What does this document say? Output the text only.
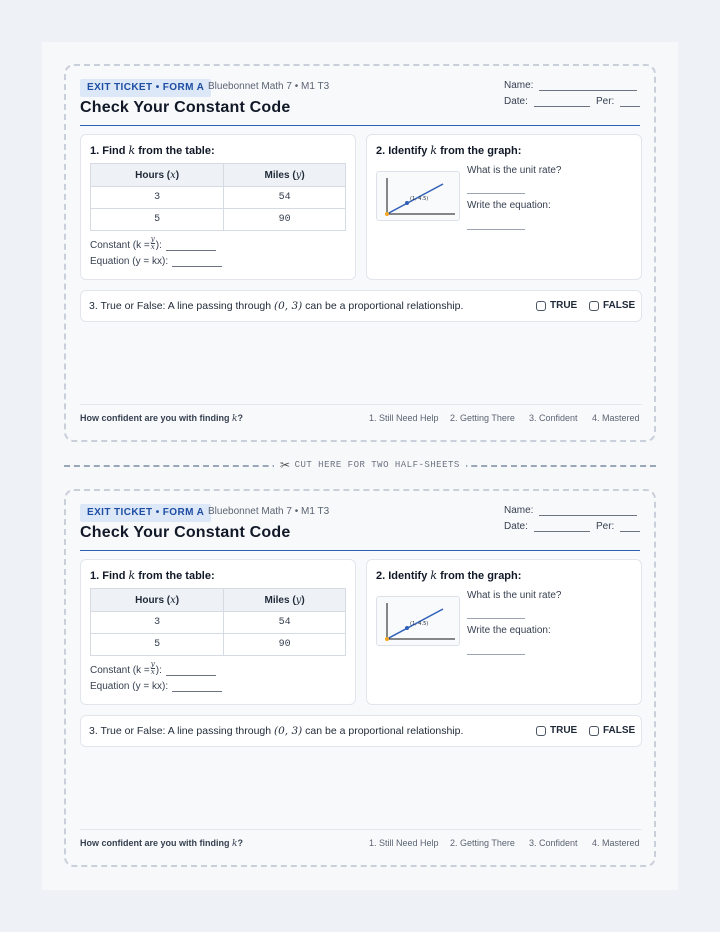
EXIT TICKET • FORM A Bluebonnet Math 7 • M1 T3
Check Your Constant Code
Name:
Date:	Per:
1. Find k from the table:
Hours (x)	Miles (y)
3	54
5	90
Constant ($k = \frac{y}{x}$ ):
Equation (y = kx):
2. Identify k from the graph:
(1, 4.5)
What is the unit rate?
Write the equation:
3. True or False: A line passing through (0, 3) can be a proportional relationship.	TRUE	FALSE
How confident are you with finding k?	1. Still Need Help 2. Getting There 3. Confident 4. Mastered
✂ CUT HERE FOR TWO HALF-SHEETS
EXIT TICKET • FORM A Bluebonnet Math 7 • M1 T3
Check Your Constant Code
Name:
Date:	Per:
1. Find k from the table:
Hours (x)	Miles (y)
3	54
5	90
Constant ($k = \frac{y}{x}$ ):
Equation (y = kx):
2. Identify k from the graph:
(1, 4.5)
What is the unit rate?
Write the equation:
3. True or False: A line passing through (0, 3) can be a proportional relationship.	TRUE	FALSE
How confident are you with finding k?	1. Still Need Help 2. Getting There 3. Confident 4. Mastered
